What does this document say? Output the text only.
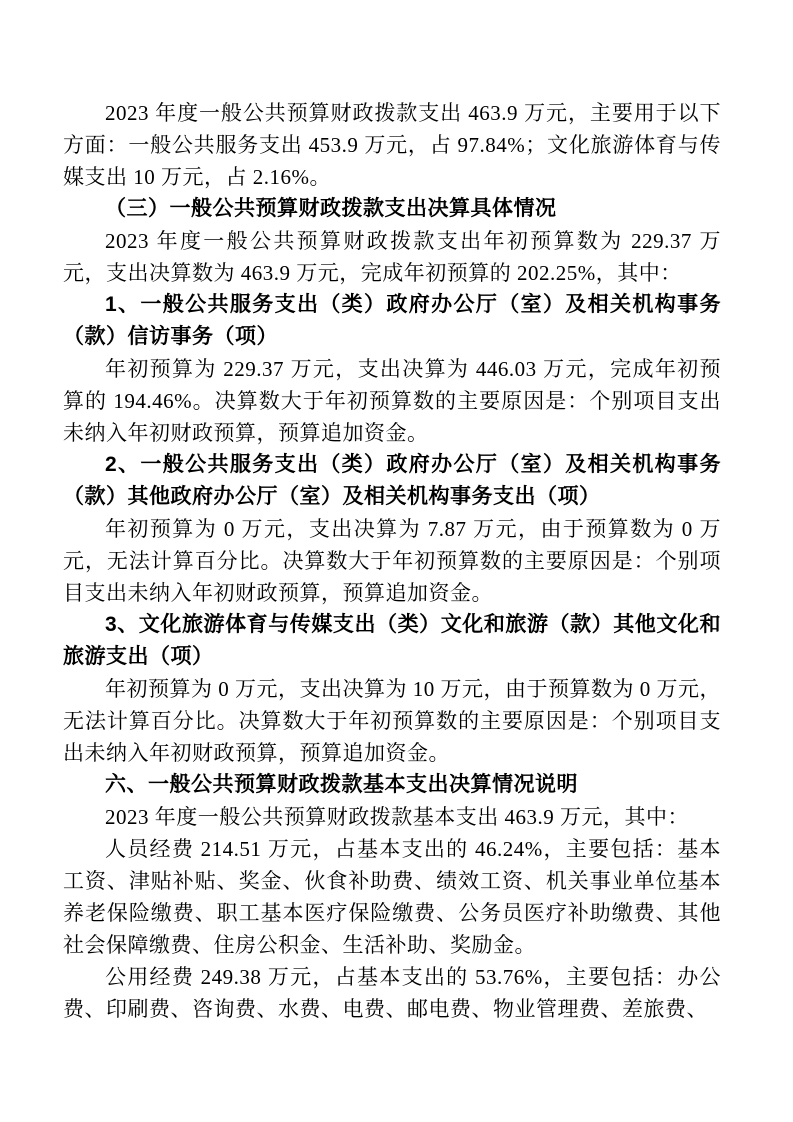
2023 年度一般公共预算财政拨款支出 463.9 万元，主要用于以下方面：一般公共服务支出 453.9 万元，占 97.84%；文化旅游体育与传媒支出 10 万元，占 2.16%。

（三）一般公共预算财政拨款支出决算具体情况

2023 年度一般公共预算财政拨款支出年初预算数为 229.37 万元，支出决算数为 463.9 万元，完成年初预算的 202.25%，其中：

1、一般公共服务支出（类）政府办公厅（室）及相关机构事务（款）信访事务（项）

年初预算为 229.37 万元，支出决算为 446.03 万元，完成年初预算的 194.46%。决算数大于年初预算数的主要原因是：个别项目支出未纳入年初财政预算，预算追加资金。

2、一般公共服务支出（类）政府办公厅（室）及相关机构事务（款）其他政府办公厅（室）及相关机构事务支出（项）

年初预算为 0 万元，支出决算为 7.87 万元，由于预算数为 0 万元，无法计算百分比。决算数大于年初预算数的主要原因是：个别项目支出未纳入年初财政预算，预算追加资金。

3、文化旅游体育与传媒支出（类）文化和旅游（款）其他文化和旅游支出（项）

年初预算为 0 万元，支出决算为 10 万元，由于预算数为 0 万元，无法计算百分比。决算数大于年初预算数的主要原因是：个别项目支出未纳入年初财政预算，预算追加资金。

六、一般公共预算财政拨款基本支出决算情况说明

2023 年度一般公共预算财政拨款基本支出 463.9 万元，其中：

人员经费 214.51 万元，占基本支出的 46.24%，主要包括：基本工资、津贴补贴、奖金、伙食补助费、绩效工资、机关事业单位基本养老保险缴费、职工基本医疗保险缴费、公务员医疗补助缴费、其他社会保障缴费、住房公积金、生活补助、奖励金。

公用经费 249.38 万元，占基本支出的 53.76%，主要包括：办公费、印刷费、咨询费、水费、电费、邮电费、物业管理费、差旅费、
